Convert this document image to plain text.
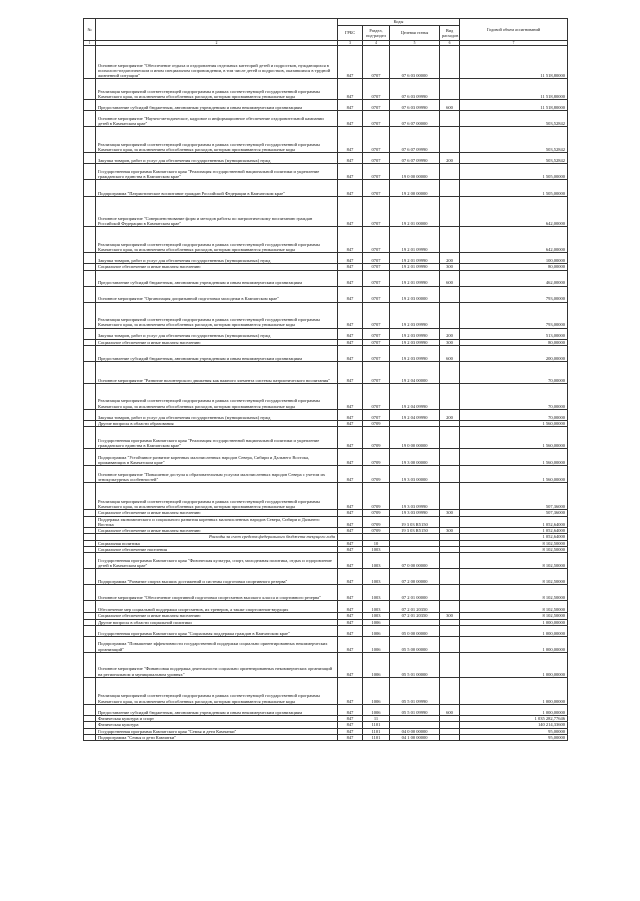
№		Коды				Годовой объем ассигнований
		ГРБС	Раздел, под-раздел	Целевая статья	Вид расходов	
1	2	3	4	5	6	7
	Основное мероприятие "Обеспечение отдыха и оздоровления отдельных категорий детей и подростков, нуждающихся в психолого-педагогическом и ином специальном сопровождении, в том числе детей и подростков, оказавшихся в трудной жизненной ситуации"	847	0707	07 6 03 00000		11 518,80000
	Реализация мероприятий соответствующей подпрограммы в рамках соответствующей государственной программы Камчатского края, за исключением обособленных расходов, которым присваиваются уникальные коды	847	0707	07 6 03 09990		11 518,80000
	Предоставление субсидий бюджетным, автономным учреждениям и иным некоммерческим организациям	847	0707	07 6 03 09990	600	11 518,80000
	Основное мероприятие "Научно-методическое, кадровое и информационное обеспечение оздоровительной кампании детей в Камчатском крае"	847	0707	07 6 07 00000		503,52842
	Реализация мероприятий соответствующей подпрограммы в рамках соответствующей государственной программы Камчатского края, за исключением обособленных расходов, которым присваиваются уникальные коды	847	0707	07 6 07 09990		503,52842
	Закупка товаров, работ и услуг для обеспечения государственных (муниципальных) нужд	847	0707	07 6 07 09990	200	503,52842
	Государственная программа Камчатского края "Реализация государственной национальной политики и укрепление гражданского единства в Камчатском крае"	847	0707	19 0 00 00000		1 505,00000
	Подпрограмма "Патриотическое воспитание граждан Российской Федерации в Камчатском крае"	847	0707	19 2 00 00000		1 505,00000
	Основное мероприятие "Совершенствование форм и методов работы по патриотическому воспитанию граждан Российской Федерации в Камчатском крае"	847	0707	19 2 01 00000		642,00000
	Реализация мероприятий соответствующей подпрограммы в рамках соответствующей государственной программы Камчатского края, за исключением обособленных расходов, которым присваиваются уникальные коды	847	0707	19 2 01 09990		642,00000
	Закупка товаров, работ и услуг для обеспечения государственных (муниципальных) нужд	847	0707	19 2 01 09990	200	100,00000
	Социальное обеспечение и иные выплаты населению	847	0707	19 2 01 09990	300	80,00000
	Предоставление субсидий бюджетным, автономным учреждениям и иным некоммерческим организациям	847	0707	19 2 01 09990	600	462,00000
	Основное мероприятие "Организация допризывной подготовки молодежи в Камчатском крае"	847	0707	19 2 03 00000		793,00000
	Реализация мероприятий соответствующей подпрограммы в рамках соответствующей государственной программы Камчатского края, за исключением обособленных расходов, которым присваиваются уникальные коды	847	0707	19 2 03 09990		793,00000
	Закупка товаров, работ и услуг для обеспечения государственных (муниципальных) нужд	847	0707	19 2 03 09990	200	513,00000
	Социальное обеспечение и иные выплаты населению	847	0707	19 2 03 09990	300	80,00000
	Предоставление субсидий бюджетным, автономным учреждениям и иным некоммерческим организациям	847	0707	19 2 03 09990	600	200,00000
	Основное мероприятие "Развитие волонтерского движения как важного элемента системы патриотического воспитания"	847	0707	19 2 04 00000		70,00000
	Реализация мероприятий соответствующей подпрограммы в рамках соответствующей государственной программы Камчатского края, за исключением обособленных расходов, которым присваиваются уникальные коды	847	0707	19 2 04 09990		70,00000
	Закупка товаров, работ и услуг для обеспечения государственных (муниципальных) нужд	847	0707	19 2 04 09990	200	70,00000
	Другие вопросы в области образования	847	0709			1 560,00000
	Государственная программа Камчатского края "Реализация государственной национальной политики и укрепление гражданского единства в Камчатском крае"	847	0709	19 0 00 00000		1 560,00000
	Подпрограмма "Устойчивое развитие коренных малочисленных народов Севера, Сибири и Дальнего Востока, проживающих в Камчатском крае"	847	0709	19 3 00 00000		1 560,00000
	Основное мероприятие "Повышение доступа к образовательным услугам малочисленных народов Севера с учетом их этнокультурных особенностей"	847	0709	19 3 03 00000		1 560,00000
	Реализация мероприятий соответствующей подпрограммы в рамках соответствующей государственной программы Камчатского края, за исключением обособленных расходов, которым присваиваются уникальные коды	847	0709	19 3 03 09990		507,36000
	Социальное обеспечение и иные выплаты населению	847	0709	19 3 03 09990	300	507,36000
	Поддержка экономического и социального развития коренных малочисленных народов Севера, Сибири и Дальнего Востока	847	0709	19 3 03 R5150		1 052,64000
	Социальное обеспечение и иные выплаты населению	847	0709	19 3 03 R5150	300	1 052,64000
	Расходы за счет средств федерального бюджета текущего года					1 052,64000
	Социальная политика	847	10			8 102,50000
	Социальное обеспечение населения	847	1003			8 102,50000
	Государственная программа Камчатского края "Физическая культура, спорт, молодежная политика, отдых и оздоровление детей в Камчатском крае"	847	1003	07 0 00 00000		8 102,50000
	Подпрограмма "Развитие спорта высших достижений и системы подготовки спортивного резерва"	847	1003	07 2 00 00000		8 102,50000
	Основное мероприятие "Обеспечение спортивной подготовки спортсменов высокого класса и спортивного резерва"	847	1003	07 2 01 00000		8 102,50000
	Обеспечение мер социальной поддержки спортсменов, их тренеров, а также спортсменов-ведущих	847	1003	07 2 01 20350		8 102,50000
	Социальное обеспечение и иные выплаты населению	847	1003	07 2 01 20350	300	8 102,50000
	Другие вопросы в области социальной политики	847	1006			1 000,00000
	Государственная программа Камчатского края "Социальная поддержка граждан в Камчатском крае"	847	1006	05 0 00 00000		1 000,00000
	Подпрограмма "Повышение эффективности государственной поддержки социально ориентированных некоммерческих организаций"	847	1006	05 5 00 00000		1 000,00000
	Основное мероприятие "Финансовая поддержка деятельности социально ориентированных некоммерческих организаций на региональном и муниципальном уровнях"	847	1006	05 5 01 00000		1 000,00000
	Реализация мероприятий соответствующей подпрограммы в рамках соответствующей государственной программы Камчатского края, за исключением обособленных расходов, которым присваиваются уникальные коды	847	1006	05 5 01 09990		1 000,00000
	Предоставление субсидий бюджетным, автономным учреждениям и иным некоммерческим организациям	847	1006	05 5 01 09990	600	1 000,00000
	Физическая культура и спорт	847	11			1 035 282,77646
	Физическая культура	847	1101			140 214,33600
	Государственная программа Камчатского края "Семья и дети Камчатки"	847	1101	04 0 00 00000		95,00000
	Подпрограмма "Семья и дети Камчатки"	847	1101	04 1 00 00000		95,00000
